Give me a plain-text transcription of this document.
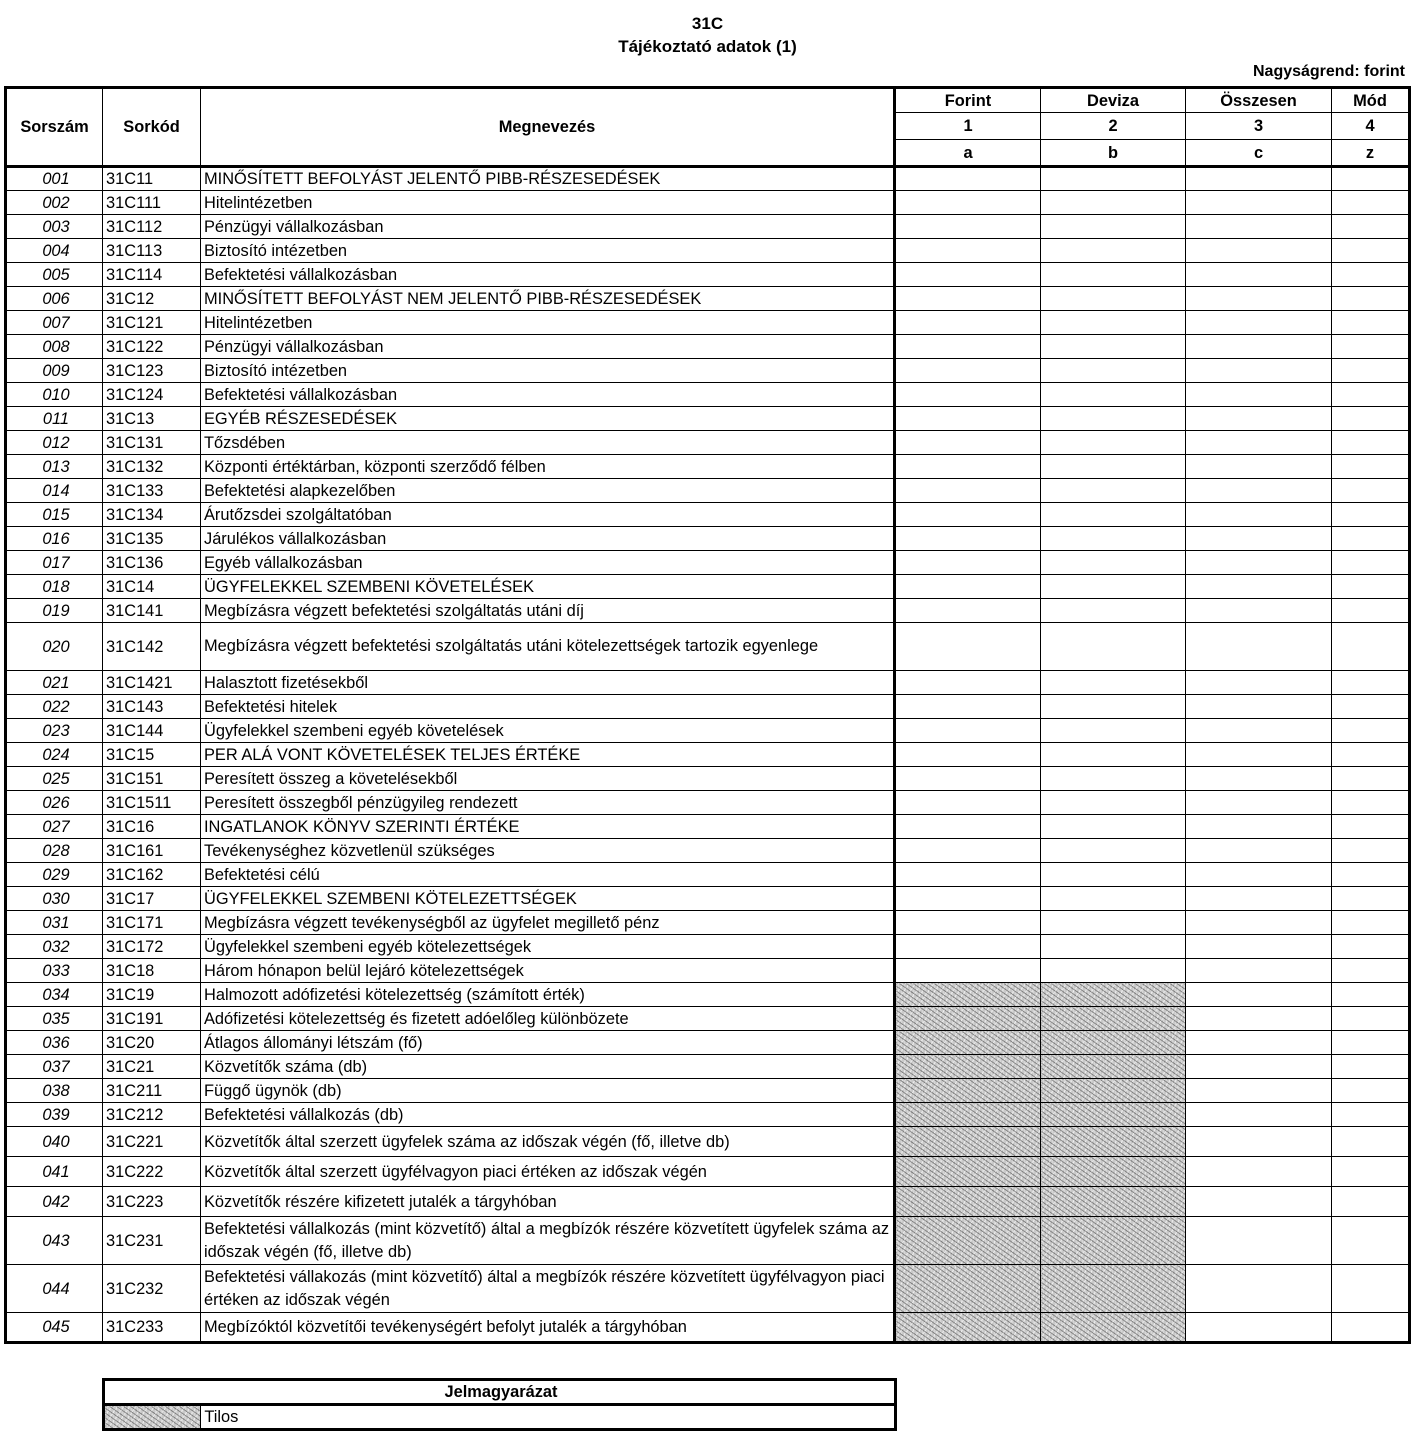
31C
Tájékoztató adatok (1)
Nagyságrend: forint
Sorszám	Sorkód	Megnevezés	Forint	Deviza	Összesen	Mód
			1	2	3	4
			a	b	c	z
001	31C11	MINŐSÍTETT BEFOLYÁST JELENTŐ PIBB-RÉSZESEDÉSEK				
002	31C111	Hitelintézetben				
003	31C112	Pénzügyi vállalkozásban				
004	31C113	Biztosító intézetben				
005	31C114	Befektetési vállalkozásban				
006	31C12	MINŐSÍTETT BEFOLYÁST NEM JELENTŐ PIBB-RÉSZESEDÉSEK				
007	31C121	Hitelintézetben				
008	31C122	Pénzügyi vállalkozásban				
009	31C123	Biztosító intézetben				
010	31C124	Befektetési vállalkozásban				
011	31C13	EGYÉB RÉSZESEDÉSEK				
012	31C131	Tőzsdében				
013	31C132	Központi értéktárban, központi szerződő félben				
014	31C133	Befektetési alapkezelőben				
015	31C134	Árutőzsdei szolgáltatóban				
016	31C135	Járulékos vállalkozásban				
017	31C136	Egyéb vállalkozásban				
018	31C14	ÜGYFELEKKEL SZEMBENI KÖVETELÉSEK				
019	31C141	Megbízásra végzett befektetési szolgáltatás utáni díj				
020	31C142	Megbízásra végzett befektetési szolgáltatás utáni kötelezettségek tartozik egyenlege				
021	31C1421	Halasztott fizetésekből				
022	31C143	Befektetési hitelek				
023	31C144	Ügyfelekkel szembeni egyéb követelések				
024	31C15	PER ALÁ VONT KÖVETELÉSEK TELJES ÉRTÉKE				
025	31C151	Peresített összeg a követelésekből				
026	31C1511	Peresített összegből pénzügyileg rendezett				
027	31C16	INGATLANOK KÖNYV SZERINTI ÉRTÉKE				
028	31C161	Tevékenységhez közvetlenül szükséges				
029	31C162	Befektetési célú				
030	31C17	ÜGYFELEKKEL SZEMBENI KÖTELEZETTSÉGEK				
031	31C171	Megbízásra végzett tevékenységből az ügyfelet megillető pénz				
032	31C172	Ügyfelekkel szembeni egyéb kötelezettségek				
033	31C18	Három hónapon belül lejáró kötelezettségek				
034	31C19	Halmozott adófizetési kötelezettség (számított érték)				
035	31C191	Adófizetési kötelezettség és fizetett adóelőleg különbözete				
036	31C20	Átlagos állományi létszám (fő)				
037	31C21	Közvetítők száma (db)				
038	31C211	Függő ügynök (db)				
039	31C212	Befektetési vállalkozás (db)				
040	31C221	Közvetítők által szerzett ügyfelek száma az időszak végén (fő, illetve db)				
041	31C222	Közvetítők által szerzett ügyfélvagyon piaci értéken az időszak végén				
042	31C223	Közvetítők részére kifizetett jutalék a tárgyhóban				
043	31C231	Befektetési vállalkozás (mint közvetítő) által a megbízók részére közvetített ügyfelek száma az időszak végén (fő, illetve db)				
044	31C232	Befektetési vállakozás (mint közvetítő) által a megbízók részére közvetített ügyfélvagyon piaci értéken az időszak végén				
045	31C233	Megbízóktól közvetítői tevékenységért befolyt jutalék a tárgyhóban				
Jelmagyarázat
	Tilos
